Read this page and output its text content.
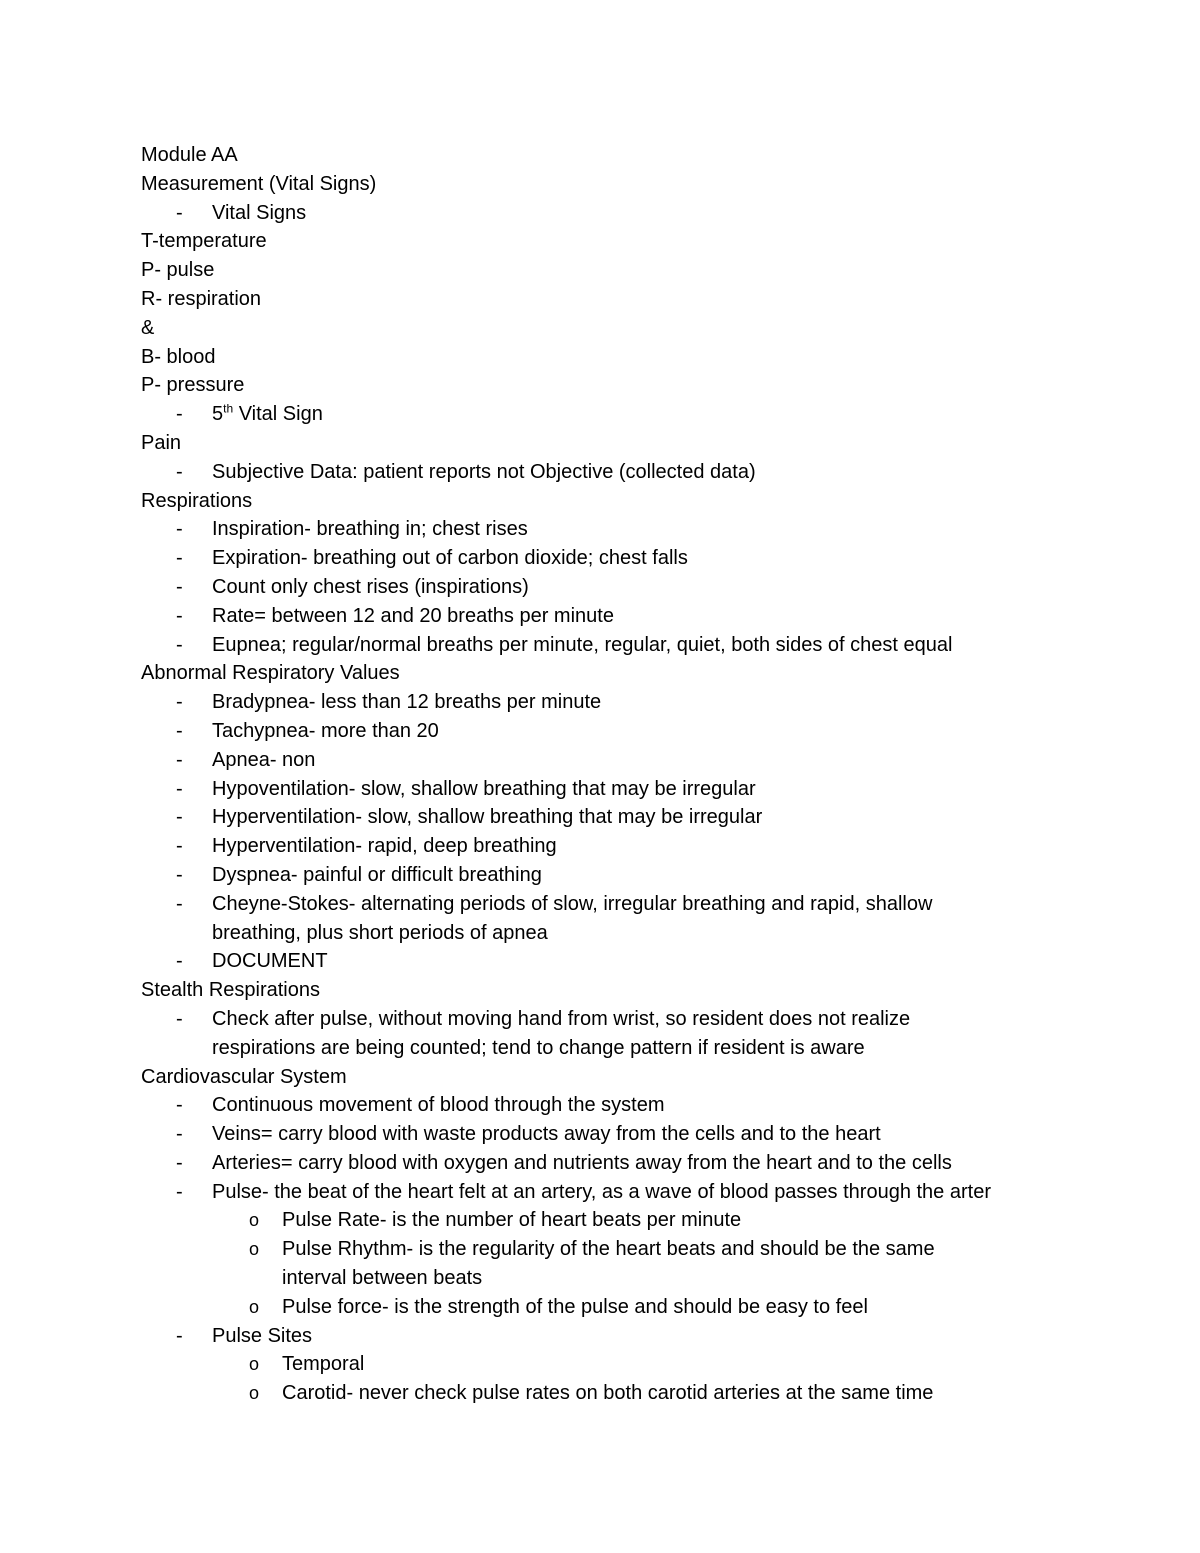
Module AA
Measurement (Vital Signs)
- Vital Signs
T-temperature
P- pulse
R- respiration
&
B- blood
P- pressure
- 5th Vital Sign
Pain
- Subjective Data: patient reports not Objective (collected data)
Respirations
- Inspiration- breathing in; chest rises
- Expiration- breathing out of carbon dioxide; chest falls
- Count only chest rises (inspirations)
- Rate= between 12 and 20 breaths per minute
- Eupnea; regular/normal breaths per minute, regular, quiet, both sides of chest equal
Abnormal Respiratory Values
- Bradypnea- less than 12 breaths per minute
- Tachypnea- more than 20
- Apnea- non
- Hypoventilation- slow, shallow breathing that may be irregular
- Hyperventilation- slow, shallow breathing that may be irregular
- Hyperventilation- rapid, deep breathing
- Dyspnea- painful or difficult breathing
- Cheyne-Stokes- alternating periods of slow, irregular breathing and rapid, shallow
breathing, plus short periods of apnea
- DOCUMENT
Stealth Respirations
- Check after pulse, without moving hand from wrist, so resident does not realize
respirations are being counted; tend to change pattern if resident is aware
Cardiovascular System
- Continuous movement of blood through the system
- Veins= carry blood with waste products away from the cells and to the heart
- Arteries= carry blood with oxygen and nutrients away from the heart and to the cells
- Pulse- the beat of the heart felt at an artery, as a wave of blood passes through the arter
o Pulse Rate- is the number of heart beats per minute
o Pulse Rhythm- is the regularity of the heart beats and should be the same
interval between beats
o Pulse force- is the strength of the pulse and should be easy to feel
- Pulse Sites
o Temporal
o Carotid- never check pulse rates on both carotid arteries at the same time
